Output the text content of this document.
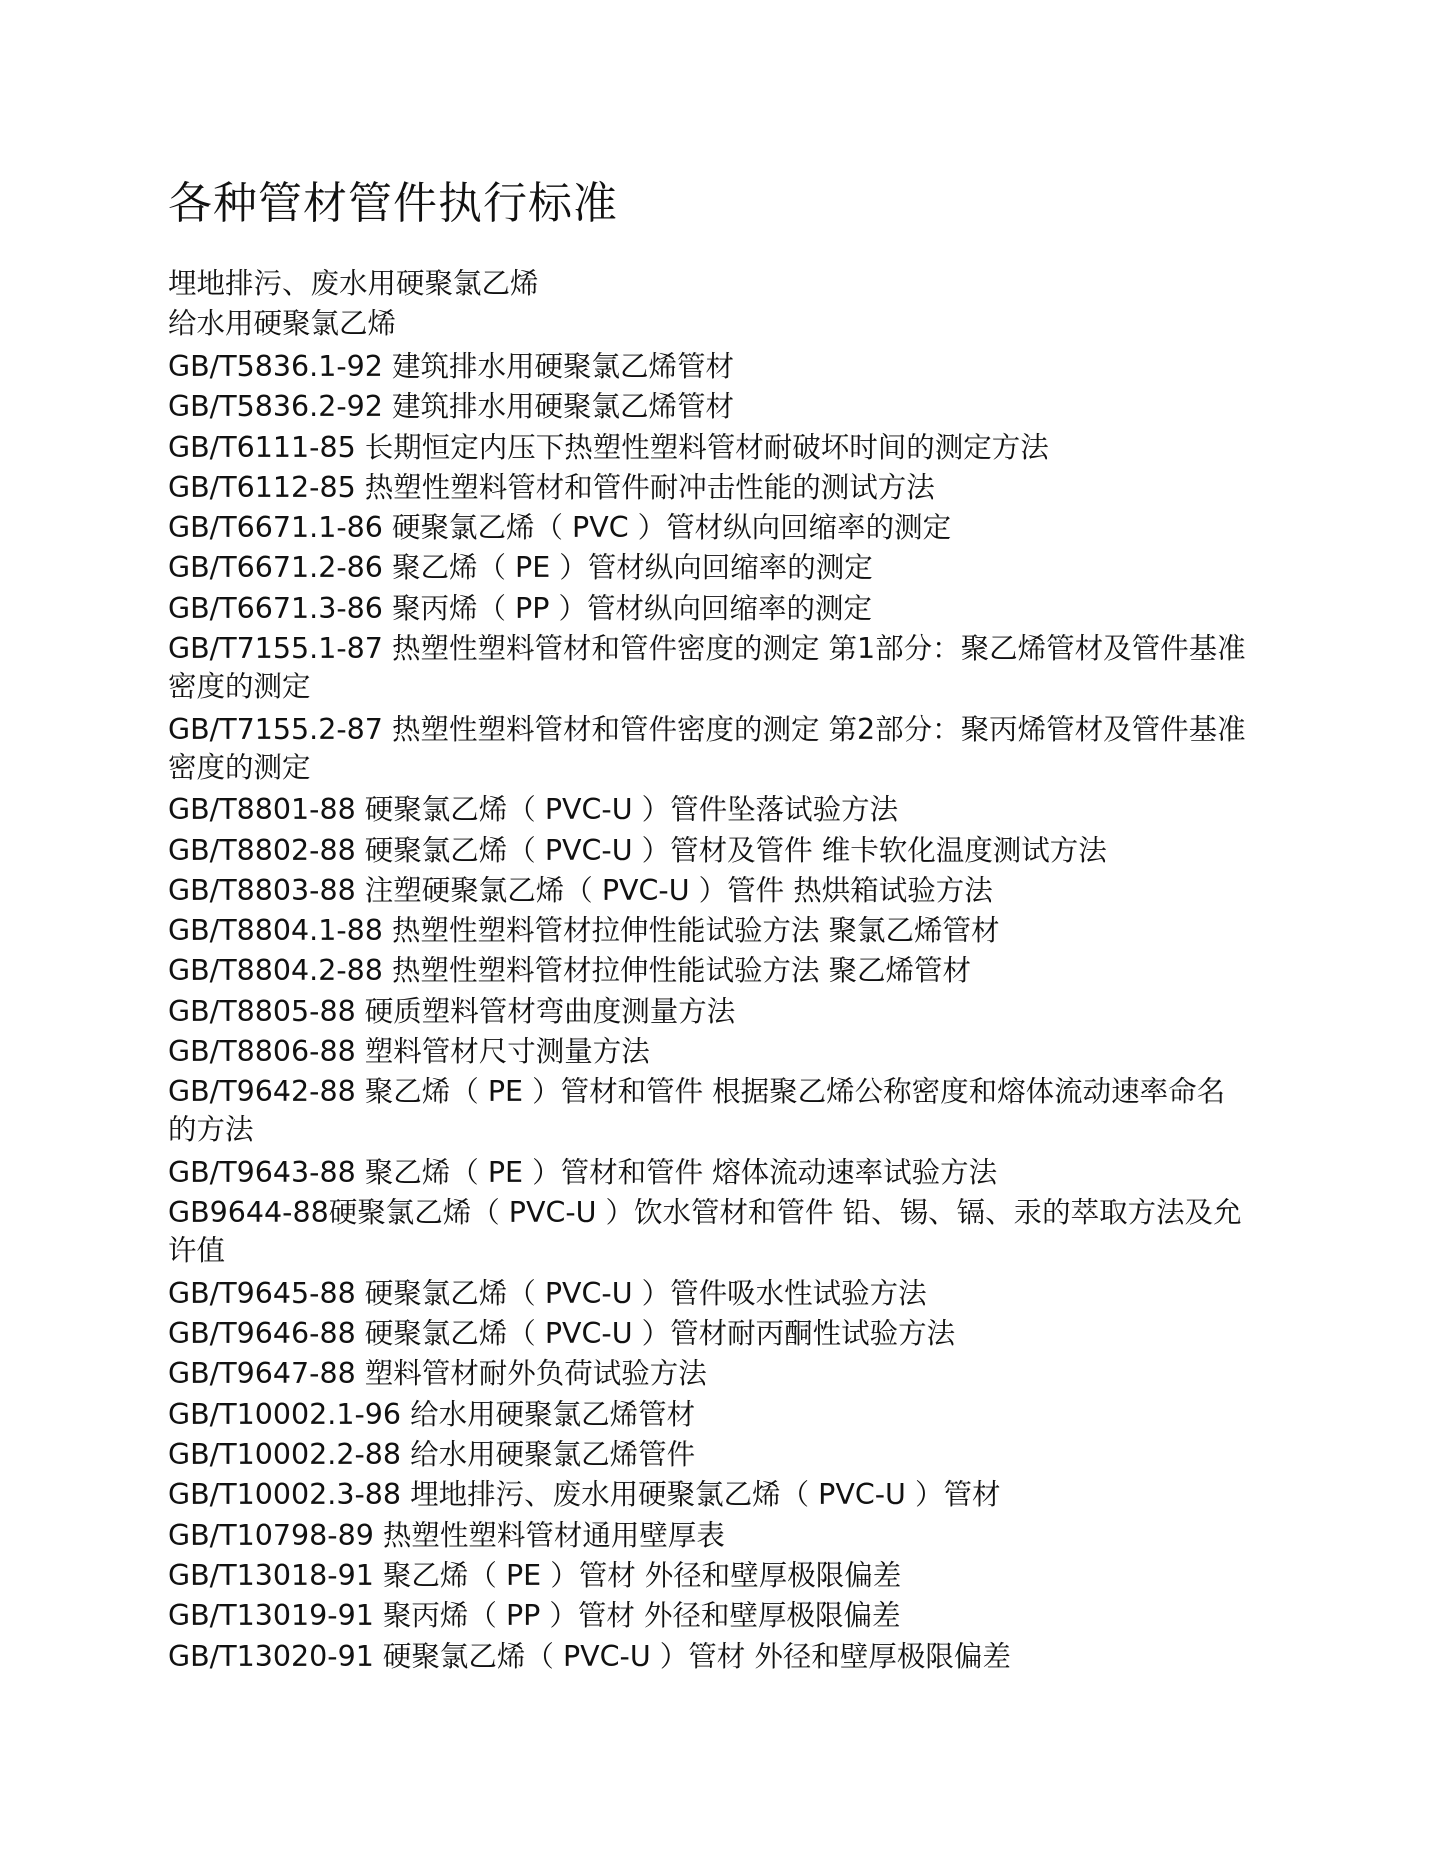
各种管材管件执行标准

埋地排污、废水用硬聚氯乙烯

给水用硬聚氯乙烯

GB/T5836.1-92 建筑排水用硬聚氯乙烯管材
GB/T5836.2-92 建筑排水用硬聚氯乙烯管材
GB/T6111-85 长期恒定内压下热塑性塑料管材耐破坏时间的测定方法
GB/T6112-85 热塑性塑料管材和管件耐冲击性能的测试方法
GB/T6671.1-86 硬聚氯乙烯（ PVC ）管材纵向回缩率的测定
GB/T6671.2-86 聚乙烯（ PE ）管材纵向回缩率的测定
GB/T6671.3-86 聚丙烯（ PP ）管材纵向回缩率的测定
GB/T7155.1-87 热塑性塑料管材和管件密度的测定 第1部分：聚乙烯管材及管件基准密度的测定
GB/T7155.2-87 热塑性塑料管材和管件密度的测定 第2部分：聚丙烯管材及管件基准密度的测定
GB/T8801-88 硬聚氯乙烯（ PVC-U ）管件坠落试验方法
GB/T8802-88 硬聚氯乙烯（ PVC-U ）管材及管件 维卡软化温度测试方法
GB/T8803-88 注塑硬聚氯乙烯（ PVC-U ）管件 热烘箱试验方法
GB/T8804.1-88 热塑性塑料管材拉伸性能试验方法 聚氯乙烯管材
GB/T8804.2-88 热塑性塑料管材拉伸性能试验方法 聚乙烯管材
GB/T8805-88 硬质塑料管材弯曲度测量方法
GB/T8806-88 塑料管材尺寸测量方法
GB/T9642-88 聚乙烯（ PE ）管材和管件 根据聚乙烯公称密度和熔体流动速率命名的方法
GB/T9643-88 聚乙烯（ PE ）管材和管件 熔体流动速率试验方法
GB9644-88硬聚氯乙烯（ PVC-U ）饮水管材和管件 铅、锡、镉、汞的萃取方法及允许值
GB/T9645-88 硬聚氯乙烯（ PVC-U ）管件吸水性试验方法
GB/T9646-88 硬聚氯乙烯（ PVC-U ）管材耐丙酮性试验方法
GB/T9647-88 塑料管材耐外负荷试验方法
GB/T10002.1-96 给水用硬聚氯乙烯管材
GB/T10002.2-88 给水用硬聚氯乙烯管件
GB/T10002.3-88 埋地排污、废水用硬聚氯乙烯（ PVC-U ）管材
GB/T10798-89 热塑性塑料管材通用壁厚表
GB/T13018-91 聚乙烯（ PE ）管材 外径和壁厚极限偏差
GB/T13019-91 聚丙烯（ PP ）管材 外径和壁厚极限偏差
GB/T13020-91 硬聚氯乙烯（ PVC-U ）管材 外径和壁厚极限偏差
